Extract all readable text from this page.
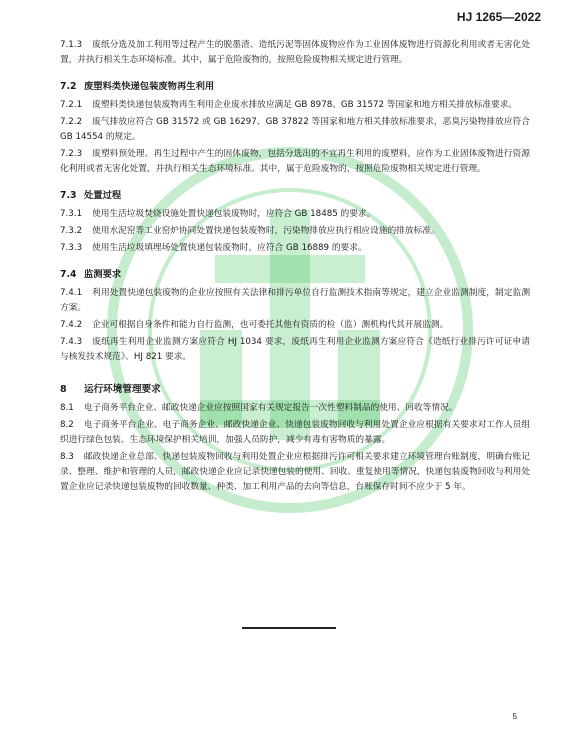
HJ 1265—2022
7.1.3 废纸分选及加工利用等过程产生的脱墨渣、造纸污泥等固体废物应作为工业固体废物进行资源化利用或者无害化处置，并执行相关生态环境标准。其中，属于危险废物的，按照危险废物相关规定进行管理。
7.2 废塑料类快递包装废物再生利用
7.2.1 废塑料类快递包装废物再生利用企业废水排放应满足 GB 8978、GB 31572 等国家和地方相关排放标准要求。
7.2.2 废气排放应符合 GB 31572 或 GB 16297、GB 37822 等国家和地方相关排放标准要求，恶臭污染物排放应符合 GB 14554 的规定。
7.2.3 废塑料预处理、再生过程中产生的固体废物，包括分选出的不宜再生利用的废塑料，应作为工业固体废物进行资源化利用或者无害化处置，并执行相关生态环境标准。其中，属于危险废物的，按照危险废物相关规定进行管理。
7.3 处置过程
7.3.1 使用生活垃圾焚烧设施处置快递包装废物时，应符合 GB 18485 的要求。
7.3.2 使用水泥窑等工业窑炉协同处置快递包装废物时，污染物排放应执行相应设施的排放标准。
7.3.3 使用生活垃圾填埋场处置快递包装废物时，应符合 GB 16889 的要求。
7.4 监测要求
7.4.1 利用处置快递包装废物的企业应按照有关法律和排污单位自行监测技术指南等规定，建立企业监测制度，制定监测方案。
7.4.2 企业可根据自身条件和能力自行监测，也可委托其他有资质的检（监）测机构代其开展监测。
7.4.3 废纸再生利用企业监测方案应符合 HJ 1034 要求，废纸再生利用企业监测方案应符合《造纸行业排污许可证申请与核发技术规范》、HJ 821 要求。
8 运行环境管理要求
8.1 电子商务平台企业、邮政快递企业应按照国家有关规定报告一次性塑料制品的使用、回收等情况。
8.2 电子商务平台企业、电子商务企业、邮政快递企业、快递包装废物回收与利用处置企业应根据有关要求对工作人员组织进行绿色包装、生态环境保护相关培训，加强人员防护，减少有毒有害物质的暴露。
8.3 邮政快递企业总部、快递包装废物回收与利用处置企业应根据排污许可相关要求建立环境管理台账制度，明确台账记录、整理、维护和管理的人员，邮政快递企业应记录快递包装的使用、回收、重复使用等情况，快递包装废物回收与利用处置企业应记录快递包装废物的回收数量、种类、加工利用产品的去向等信息，台账保存时间不应少于 5 年。
5
